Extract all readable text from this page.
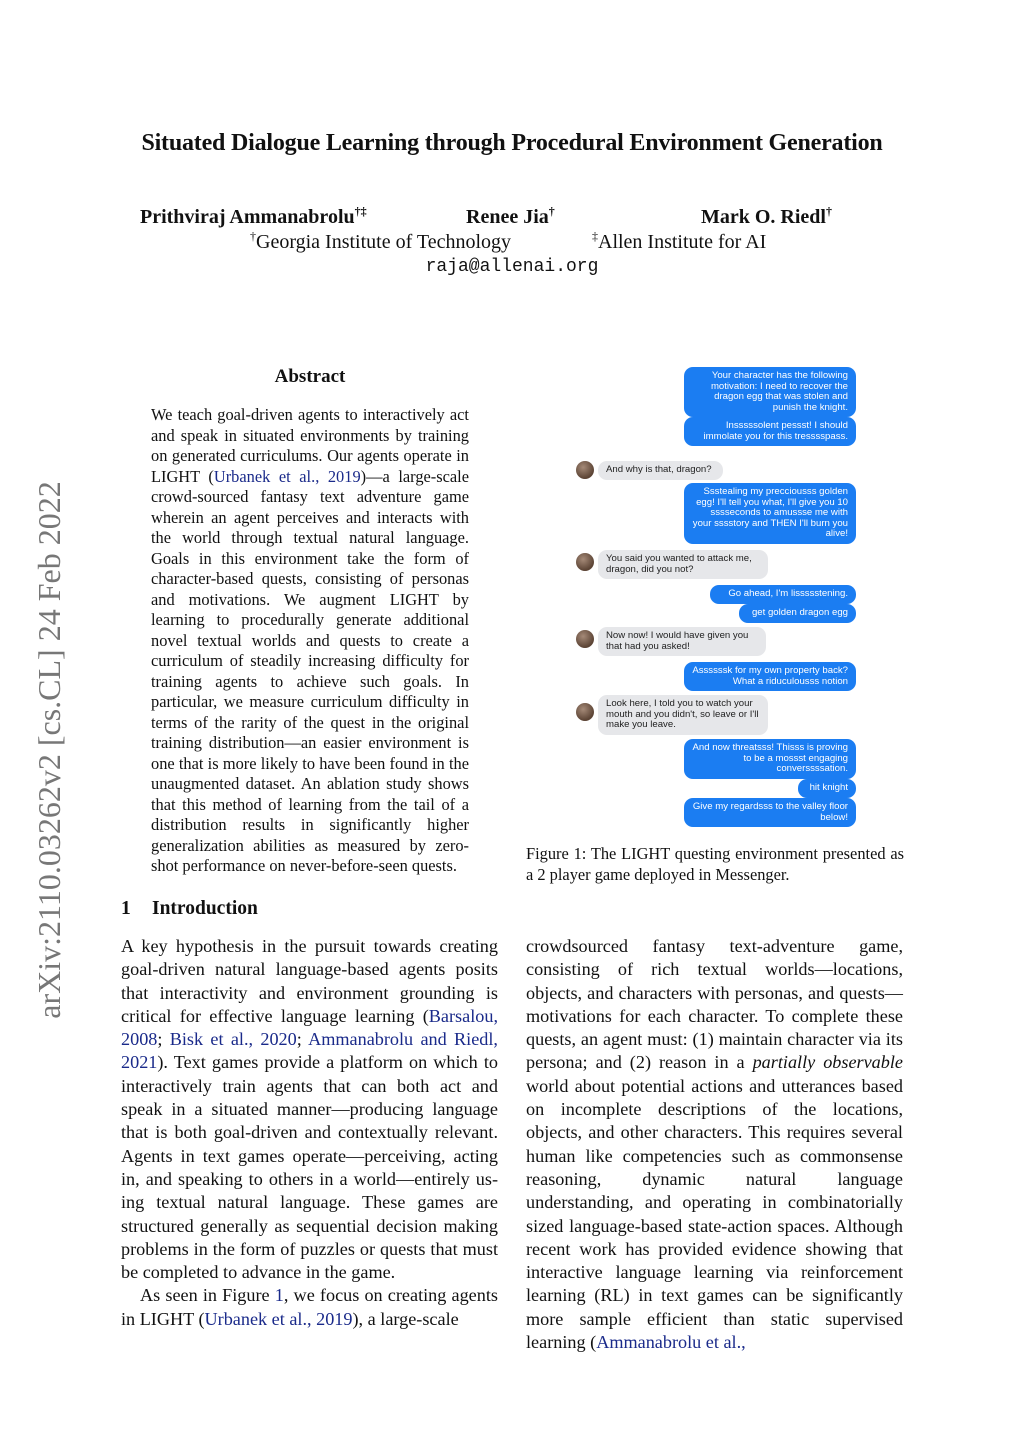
Situated Dialogue Learning through Procedural Environment Generation
Prithviraj Ammanabrolu†‡	Renee Jia†	Mark O. Riedl†
†Georgia Institute of Technology	‡Allen Institute for AI
raja@allenai.org
arXiv:2110.03262v2 [cs.CL] 24 Feb 2022
Abstract
We teach goal-driven agents to interactively act and speak in situated environments by training on generated curriculums. Our agents operate in LIGHT (Urbanek et al., 2019)—a large-scale crowd-sourced fantasy text adventure game wherein an agent perceives and interacts with the world through textual natural language. Goals in this environment take the form of character-based quests, consisting of personas and motivations. We augment LIGHT by learning to procedurally generate additional novel textual worlds and quests to create a curriculum of steadily increasing difficulty for training agents to achieve such goals. In particular, we measure curriculum difficulty in terms of the rarity of the quest in the original training distribution—an easier environment is one that is more likely to have been found in the unaugmented dataset. An ablation study shows that this method of learning from the tail of a distribution results in significantly higher generalization abilities as measured by zero-shot performance on never-before-seen quests.
Your character has the following motivation: I need to recover the dragon egg that was stolen and punish the knight.
Insssssolent pessst! I should immolate you for this tresssspass.
And why is that, dragon?
Ssstealing my precciousss golden egg! I'll tell you what, I'll give you 10 sssseconds to amussse me with your sssstory and THEN I'll burn you alive!
You said you wanted to attack me, dragon, did you not?
Go ahead, I'm lissssstening.
get golden dragon egg
Now now! I would have given you that had you asked!
Assssssk for my own property back? What a riduculousss notion
Look here, I told you to watch your mouth and you didn't, so leave or I'll make you leave.
And now threatsss! Thisss is proving to be a mossst engaging converssssation.
hit knight
Give my regardsss to the valley floor below!
Figure 1: The LIGHT questing environment presented as a 2 player game deployed in Messenger.
1 Introduction

A key hypothesis in the pursuit towards creating goal-driven natural language-based agents posits that interactivity and environment grounding is critical for effective language learning (Barsalou, 2008; Bisk et al., 2020; Ammanabrolu and Riedl, 2021). Text games provide a platform on which to interactively train agents that can both act and speak in a situated manner—producing language that is both goal-driven and contextually relevant. Agents in text games operate—perceiving, acting in, and speaking to others in a world—entirely using textual natural language. These games are structured generally as sequential decision making problems in the form of puzzles or quests that must be completed to advance in the game.

As seen in Figure 1, we focus on creating agents in LIGHT (Urbanek et al., 2019), a large-scale

crowdsourced fantasy text-adventure game, consisting of rich textual worlds—locations, objects, and characters with personas, and quests—motivations for each character. To complete these quests, an agent must: (1) maintain character via its persona; and (2) reason in a partially observable world about potential actions and utterances based on incomplete descriptions of the locations, objects, and other characters. This requires several human like competencies such as commonsense reasoning, dynamic natural language understanding, and operating in combinatorially sized language-based state-action spaces. Although recent work has provided evidence showing that interactive language learning via reinforcement learning (RL) in text games can be significantly more sample efficient than static supervised learning (Ammanabrolu et al.,
